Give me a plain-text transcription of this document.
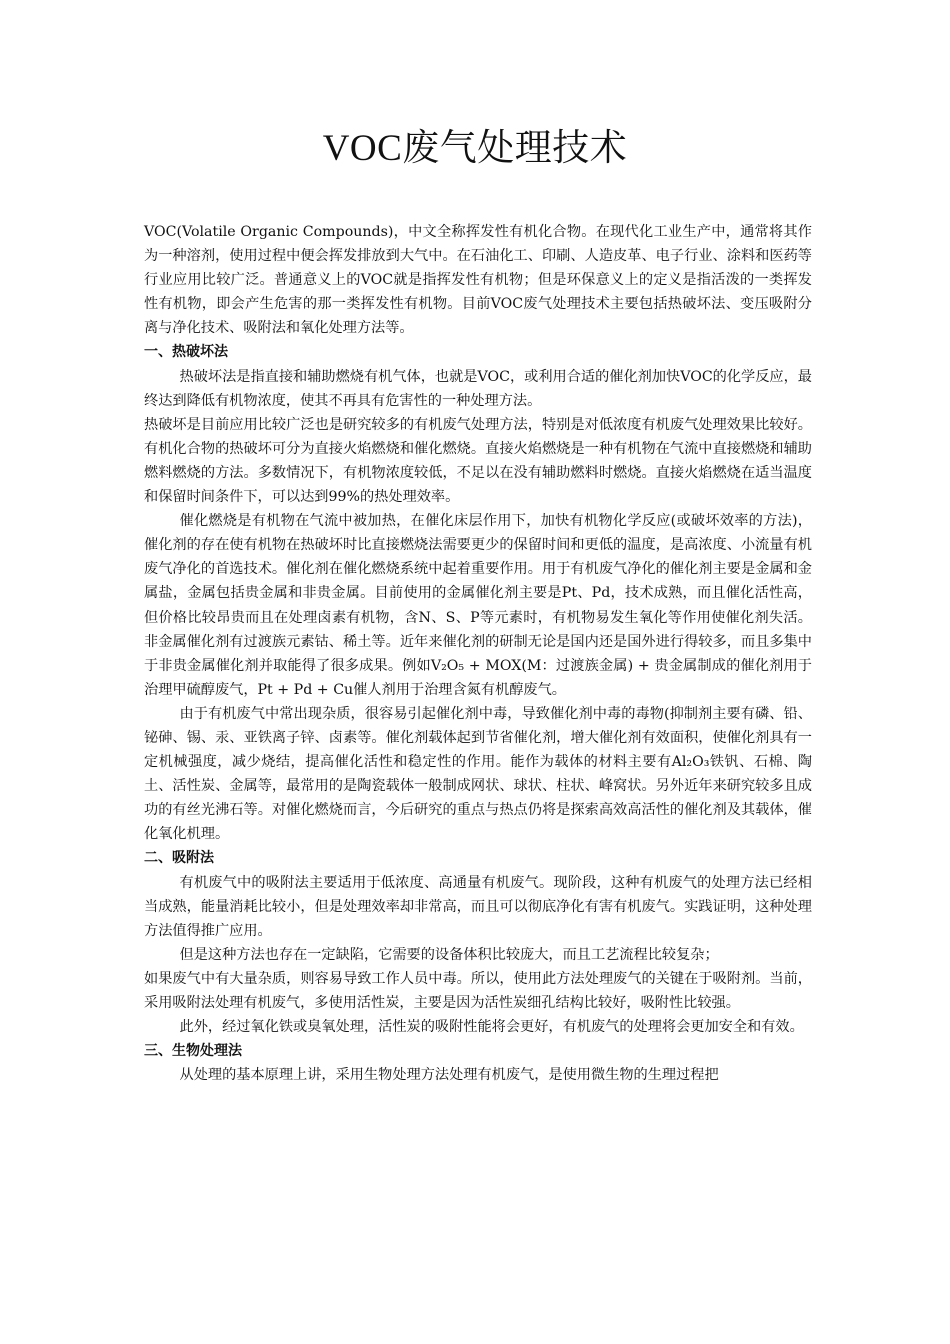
VOC废气处理技术

VOC(Volatile Organic Compounds)，中文全称挥发性有机化合物。在现代化工业生产中，通常将其作为一种溶剂，使用过程中便会挥发排放到大气中。在石油化工、印刷、人造皮革、电子行业、涂料和医药等行业应用比较广泛。普通意义上的VOC就是指挥发性有机物；但是环保意义上的定义是指活泼的一类挥发性有机物，即会产生危害的那一类挥发性有机物。目前VOC废气处理技术主要包括热破坏法、变压吸附分离与净化技术、吸附法和氧化处理方法等。

一、热破坏法

热破坏法是指直接和辅助燃烧有机气体，也就是VOC，或利用合适的催化剂加快VOC的化学反应，最终达到降低有机物浓度，使其不再具有危害性的一种处理方法。

热破坏是目前应用比较广泛也是研究较多的有机废气处理方法，特别是对低浓度有机废气处理效果比较好。有机化合物的热破坏可分为直接火焰燃烧和催化燃烧。直接火焰燃烧是一种有机物在气流中直接燃烧和辅助燃料燃烧的方法。多数情况下，有机物浓度较低，不足以在没有辅助燃料时燃烧。直接火焰燃烧在适当温度和保留时间条件下，可以达到99%的热处理效率。

催化燃烧是有机物在气流中被加热，在催化床层作用下，加快有机物化学反应(或破坏效率的方法)，催化剂的存在使有机物在热破坏时比直接燃烧法需要更少的保留时间和更低的温度，是高浓度、小流量有机废气净化的首选技术。催化剂在催化燃烧系统中起着重要作用。用于有机废气净化的催化剂主要是金属和金属盐，金属包括贵金属和非贵金属。目前使用的金属催化剂主要是Pt、Pd，技术成熟，而且催化活性高，但价格比较昂贵而且在处理卤素有机物，含N、S、P等元素时，有机物易发生氧化等作用使催化剂失活。非金属催化剂有过渡族元素钴、稀土等。近年来催化剂的研制无论是国内还是国外进行得较多，而且多集中于非贵金属催化剂并取能得了很多成果。例如V₂O₅ + MOX(M：过渡族金属) + 贵金属制成的催化剂用于治理甲硫醇废气，Pt + Pd + Cu催人剂用于治理含氮有机醇废气。

由于有机废气中常出现杂质，很容易引起催化剂中毒，导致催化剂中毒的毒物(抑制剂主要有磷、铅、铋砷、锡、汞、亚铁离子锌、卤素等。催化剂载体起到节省催化剂，增大催化剂有效面积，使催化剂具有一定机械强度，减少烧结，提高催化活性和稳定性的作用。能作为载体的材料主要有Al₂O₃铁钒、石棉、陶土、活性炭、金属等，最常用的是陶瓷载体一般制成网状、球状、柱状、峰窝状。另外近年来研究较多且成功的有丝光沸石等。对催化燃烧而言，今后研究的重点与热点仍将是探索高效高活性的催化剂及其载体，催化氧化机理。

二、吸附法

有机废气中的吸附法主要适用于低浓度、高通量有机废气。现阶段，这种有机废气的处理方法已经相当成熟，能量消耗比较小，但是处理效率却非常高，而且可以彻底净化有害有机废气。实践证明，这种处理方法值得推广应用。

但是这种方法也存在一定缺陷，它需要的设备体积比较庞大，而且工艺流程比较复杂；

如果废气中有大量杂质，则容易导致工作人员中毒。所以，使用此方法处理废气的关键在于吸附剂。当前，采用吸附法处理有机废气，多使用活性炭，主要是因为活性炭细孔结构比较好，吸附性比较强。

此外，经过氧化铁或臭氧处理，活性炭的吸附性能将会更好，有机废气的处理将会更加安全和有效。

三、生物处理法

从处理的基本原理上讲，采用生物处理方法处理有机废气，是使用微生物的生理过程把
